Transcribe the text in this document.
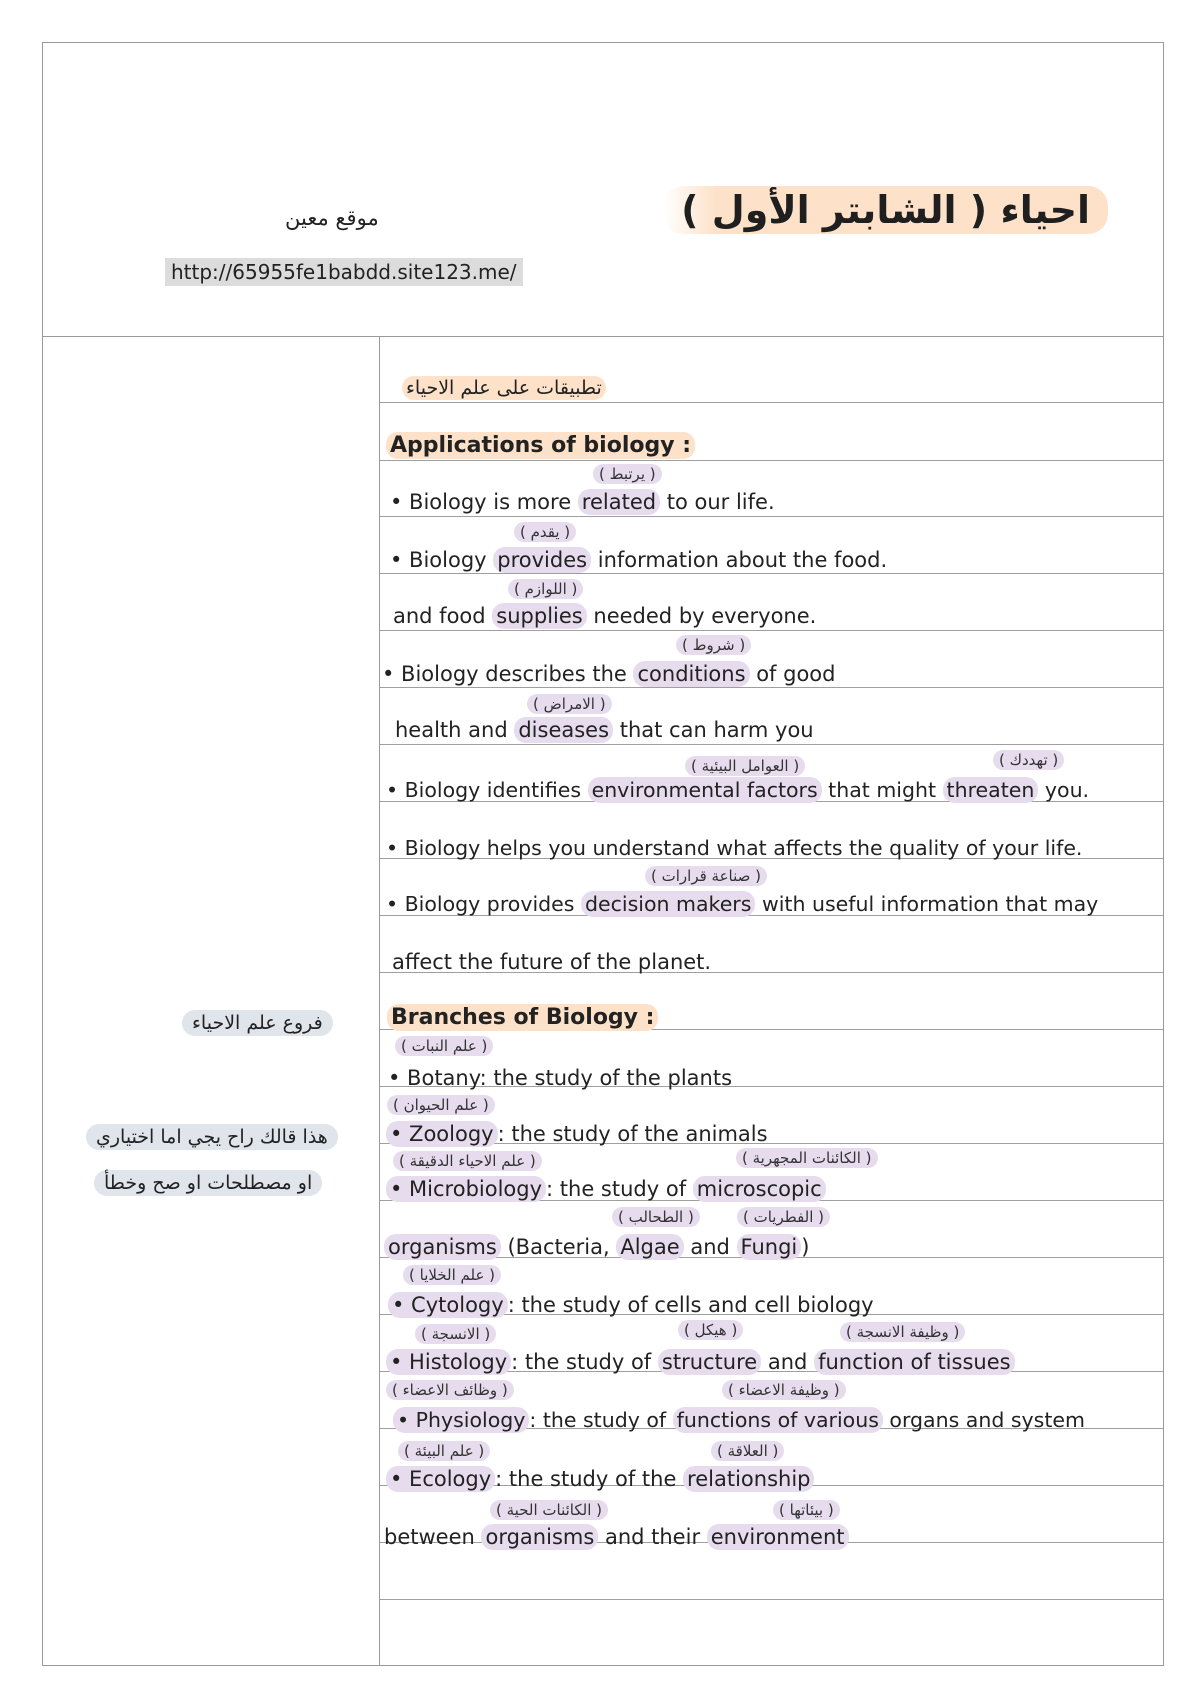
احياء ( الشابتر الأول )
موقع معين
http://65955fe1babdd.site123.me/
فروع علم الاحياء
هذا قالك راح يجي اما اختياري
او مصطلحات او صح وخطأ
تطبيقات على علم الاحياء
Applications of biology :
( يرتبط )
• Biology is more related to our life.
( يقدم )
• Biology provides information about the food.
( اللوازم )
and food supplies needed by everyone.
( شروط )
• Biology describes the conditions of good
( الامراض )
health and diseases that can harm you
( العوامل البيئية )	( تهددك )
• Biology identifies environmental factors that might threaten you.
• Biology helps you understand what affects the quality of your life.
( صناعة قرارات )
• Biology provides decision makers with useful information that may
affect the future of the planet.
Branches of Biology :
( علم النبات )
• Botany: the study of the plants
( علم الحيوان )
• Zoology : the study of the animals
( علم الاحياء الدقيقة )	( الكائنات المجهرية )
• Microbiology : the study of microscopic
( الطحالب )	( الفطريات )
organisms (Bacteria, Algae and Fungi )
( علم الخلايا )
• Cytology : the study of cells and cell biology
( الانسجة )	( هيكل )	( وظيفة الانسجة )
• Histology : the study of structure and function of tissues
( وظائف الاعضاء )	( وظيفة الاعضاء )
• Physiology : the study of functions of various organs and system
( علم البيئة )	( العلاقة )
• Ecology : the study of the relationship
( الكائنات الحية )	( بيئاتها )
between organisms and their environment
